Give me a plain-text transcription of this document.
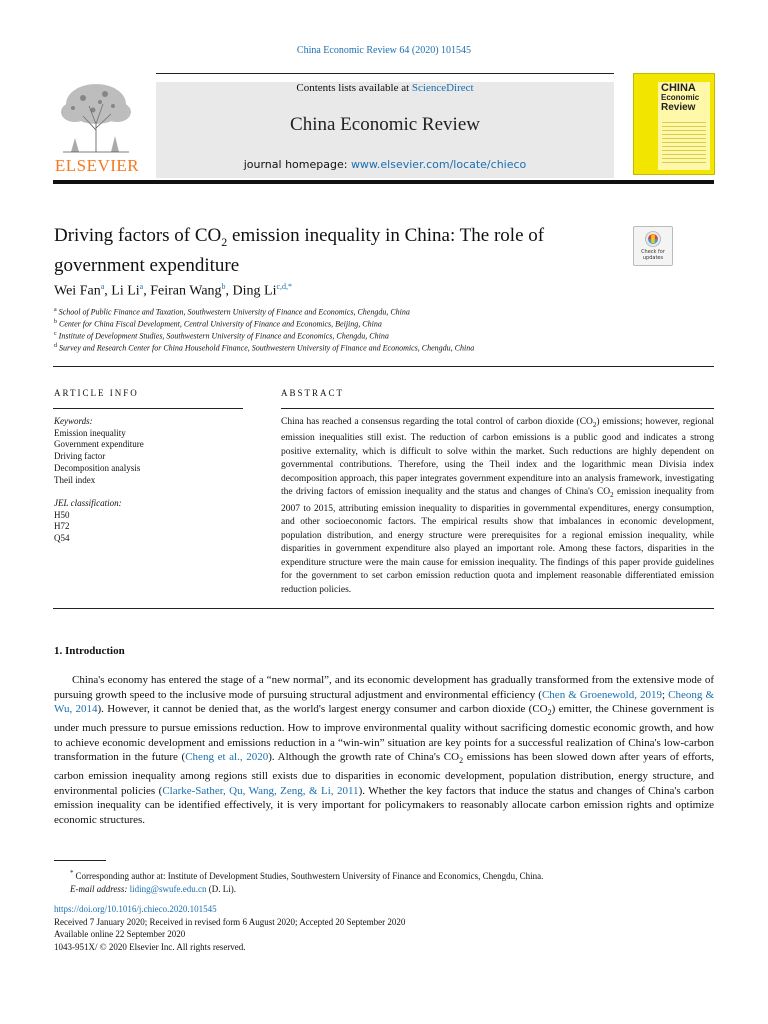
China Economic Review 64 (2020) 101545
ELSEVIER
Contents lists available at ScienceDirect
China Economic Review
journal homepage: www.elsevier.com/locate/chieco
CHINA
Economic
Review
Driving factors of $CO_2$ emission inequality in China: The role of government expenditure
Check for updates
Wei Fan$^a$, Li Li$^a$, Feiran Wang$^b$, Ding $Li^{c,d,*}$
$^a$ School of Public Finance and Taxation, Southwestern University of Finance and Economics, Chengdu, China
$^b$ Center for China Fiscal Development, Central University of Finance and Economics, Beijing, China
$^c$ Institute of Development Studies, Southwestern University of Finance and Economics, Chengdu, China
$^d$ Survey and Research Center for China Household Finance, Southwestern University of Finance and Economics, Chengdu, China
ARTICLE INFO	ABSTRACT
Keywords:
Emission inequality
Government expenditure
Driving factor
Decomposition analysis
Theil index
JEL classification:
H50
H72
Q54
China has reached a consensus regarding the total control of carbon dioxide $(CO_2)$ emissions; however, regional emission inequalities still exist. The reduction of carbon emissions is a public good and indicates a strong positive externality, which is difficult to solve within the market. Such reductions are highly dependent on governmental contributions. Therefore, using the Theil index and the logarithmic mean Divisia index decomposition approach, this paper integrates government expenditure into an analysis framework, investigating the driving factors of emission inequality and the status and changes of China's $CO_2$ emission inequality from 2007 to 2015, attributing emission inequality to disparities in governmental expenditures, energy consumption, and other socioeconomic factors. The empirical results show that imbalances in economic development, population distribution, and energy structure were prerequisites for a regional emission inequality, while disparities in government expenditure also played an important role. Among these factors, disparities in the expenditure structure were the main cause for emission inequality. The findings of this paper provide guidelines for the government to set carbon emission reduction quota and implement reasonable differentiated emission reduction policies.
1. Introduction

China's economy has entered the stage of a “new normal”, and its economic development has gradually transformed from the extensive mode of pursuing growth speed to the inclusive mode of pursuing structural adjustment and environmental efficiency (Chen & Groenewold, 2019; Cheong & Wu, 2014). However, it cannot be denied that, as the world's largest energy consumer and carbon dioxide $(CO_2)$ emitter, the Chinese government is under much pressure to pursue emissions reduction. How to improve environmental quality without sacrificing domestic economic growth, and how to achieve economic development and emissions reduction in a “win-win” situation are key points for a successful realization of China's low-carbon transformation in the future (Cheng et al., 2020). Although the growth rate of China's $CO_2$ emissions has been slowed down after years of efforts, carbon emission inequality among regions still exists due to disparities in economic development, population distribution, energy structure, and environmental policies (Clarke-Sather, Qu, Wang, Zeng, & Li, 2011). Whether the key factors that induce the status and changes of China's carbon emission inequality can be identified effectively, it is very important for policymakers to reasonably allocate carbon emission rights and optimize economic structures.

* Corresponding author at: Institute of Development Studies, Southwestern University of Finance and Economics, Chengdu, China.
E-mail address: liding@swufe.edu.cn (D. Li).
https://doi.org/10.1016/j.chieco.2020.101545
Received 7 January 2020; Received in revised form 6 August 2020; Accepted 20 September 2020
Available online 22 September 2020
1043-951X/ © 2020 Elsevier Inc. All rights reserved.
